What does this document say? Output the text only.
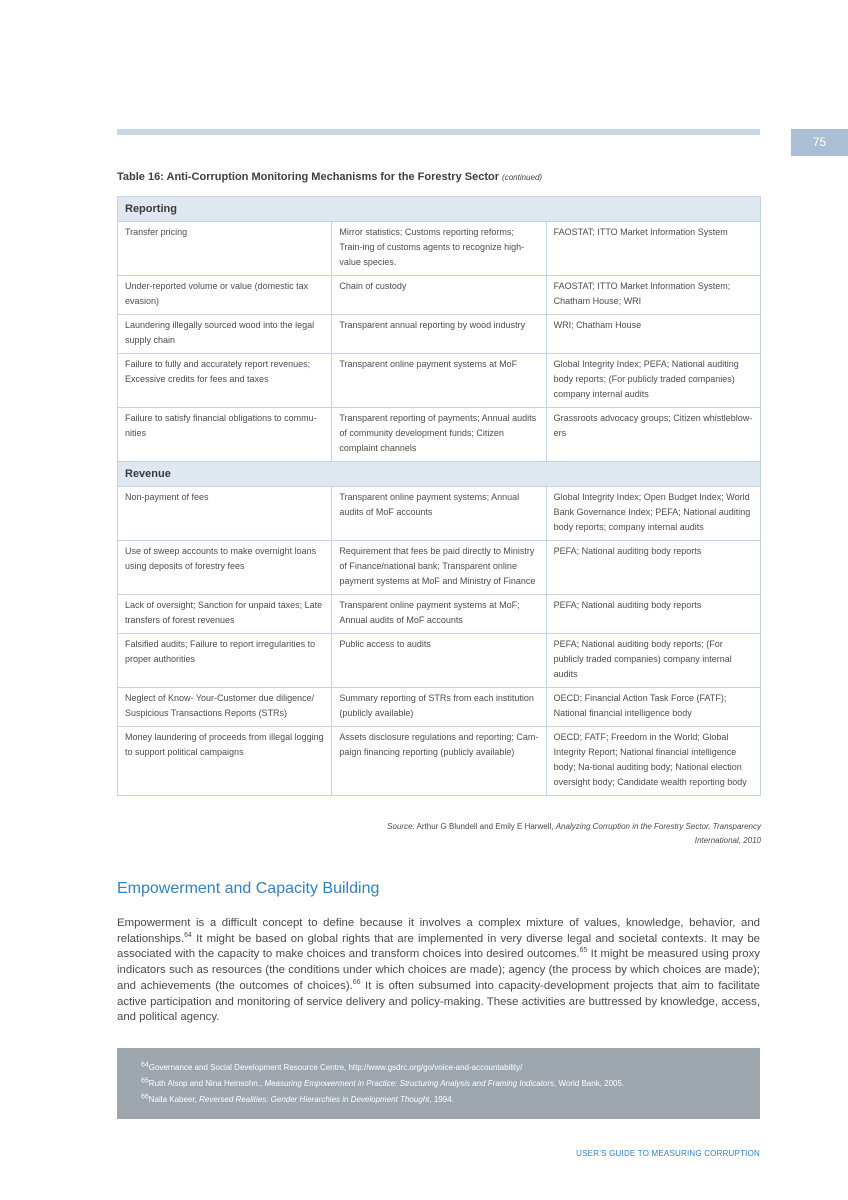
75
Table 16: Anti-Corruption Monitoring Mechanisms for the Forestry Sector (continued)
Reporting		
Transfer pricing	Mirror statistics; Customs reporting reforms; Train-ing of customs agents to recognize high-value species.	FAOSTAT; ITTO Market Information System
Under-reported volume or value (domestic tax evasion)	Chain of custody	FAOSTAT; ITTO Market Information System; Chatham House; WRI
Laundering illegally sourced wood into the legal supply chain	Transparent annual reporting by wood industry	WRI; Chatham House
Failure to fully and accurately report revenues; Excessive credits for fees and taxes	Transparent online payment systems at MoF	Global Integrity Index; PEFA; National auditing body reports; (For publicly traded companies) company internal audits
Failure to satisfy financial obligations to commu-nities	Transparent reporting of payments; Annual audits of community development funds; Citizen complaint channels	Grassroots advocacy groups; Citizen whistleblow-ers
Revenue		
Non-payment of fees	Transparent online payment systems; Annual audits of MoF accounts	Global Integrity Index; Open Budget Index; World Bank Governance Index; PEFA; National auditing body reports; company internal audits
Use of sweep accounts to make overnight loans using deposits of forestry fees	Requirement that fees be paid directly to Ministry of Finance/national bank; Transparent online payment systems at MoF and Ministry of Finance	PEFA; National auditing body reports
Lack of oversight; Sanction for unpaid taxes; Late transfers of forest revenues	Transparent online payment systems at MoF; Annual audits of MoF accounts	PEFA; National auditing body reports
Falsified audits; Failure to report irregularities to proper authorities	Public access to audits	PEFA; National auditing body reports; (For publicly traded companies) company internal audits
Neglect of Know- Your-Customer due diligence/ Suspicious Transactions Reports (STRs)	Summary reporting of STRs from each institution (publicly available)	OECD; Financial Action Task Force (FATF); National financial intelligence body
Money laundering of proceeds from illegal logging to support political campaigns	Assets disclosure regulations and reporting; Cam-paign financing reporting (publicly available)	OECD; FATF; Freedom in the World; Global Integrity Report; National financial intelligence body; Na-tional auditing body; National election oversight body; Candidate wealth reporting body
Source: Arthur G Blundell and Emily E Harwell, Analyzing Corruption in the Forestry Sector, Transparency International, 2010
Empowerment and Capacity Building

Empowerment is a difficult concept to define because it involves a complex mixture of values, knowledge, behavior, and relationships.$^{64}$ It might be based on global rights that are implemented in very diverse legal and societal contexts. It may be associated with the capacity to make choices and transform choices into desired outcomes.$^{65}$ It might be measured using proxy indicators such as resources (the conditions under which choices are made); agency (the process by which choices are made); and achievements (the outcomes of choices).$^{66}$ It is often subsumed into capacity-development projects that aim to facilitate active participation and monitoring of service delivery and policy-making. These activities are buttressed by knowledge, access, and political agency.

$^{64}$Governance and Social Development Resource Centre, http://www.gsdrc.org/go/voice-and-accountability/
$^{65}$Ruth Alsop and Nina Heinsohn., Measuring Empowerment in Practice: Structuring Analysis and Framing Indicators, World Bank, 2005.
$^{66}$Naila Kabeer, Reversed Realities: Gender Hierarchies in Development Thought, 1994.
USER’S GUIDE TO MEASURING CORRUPTION
